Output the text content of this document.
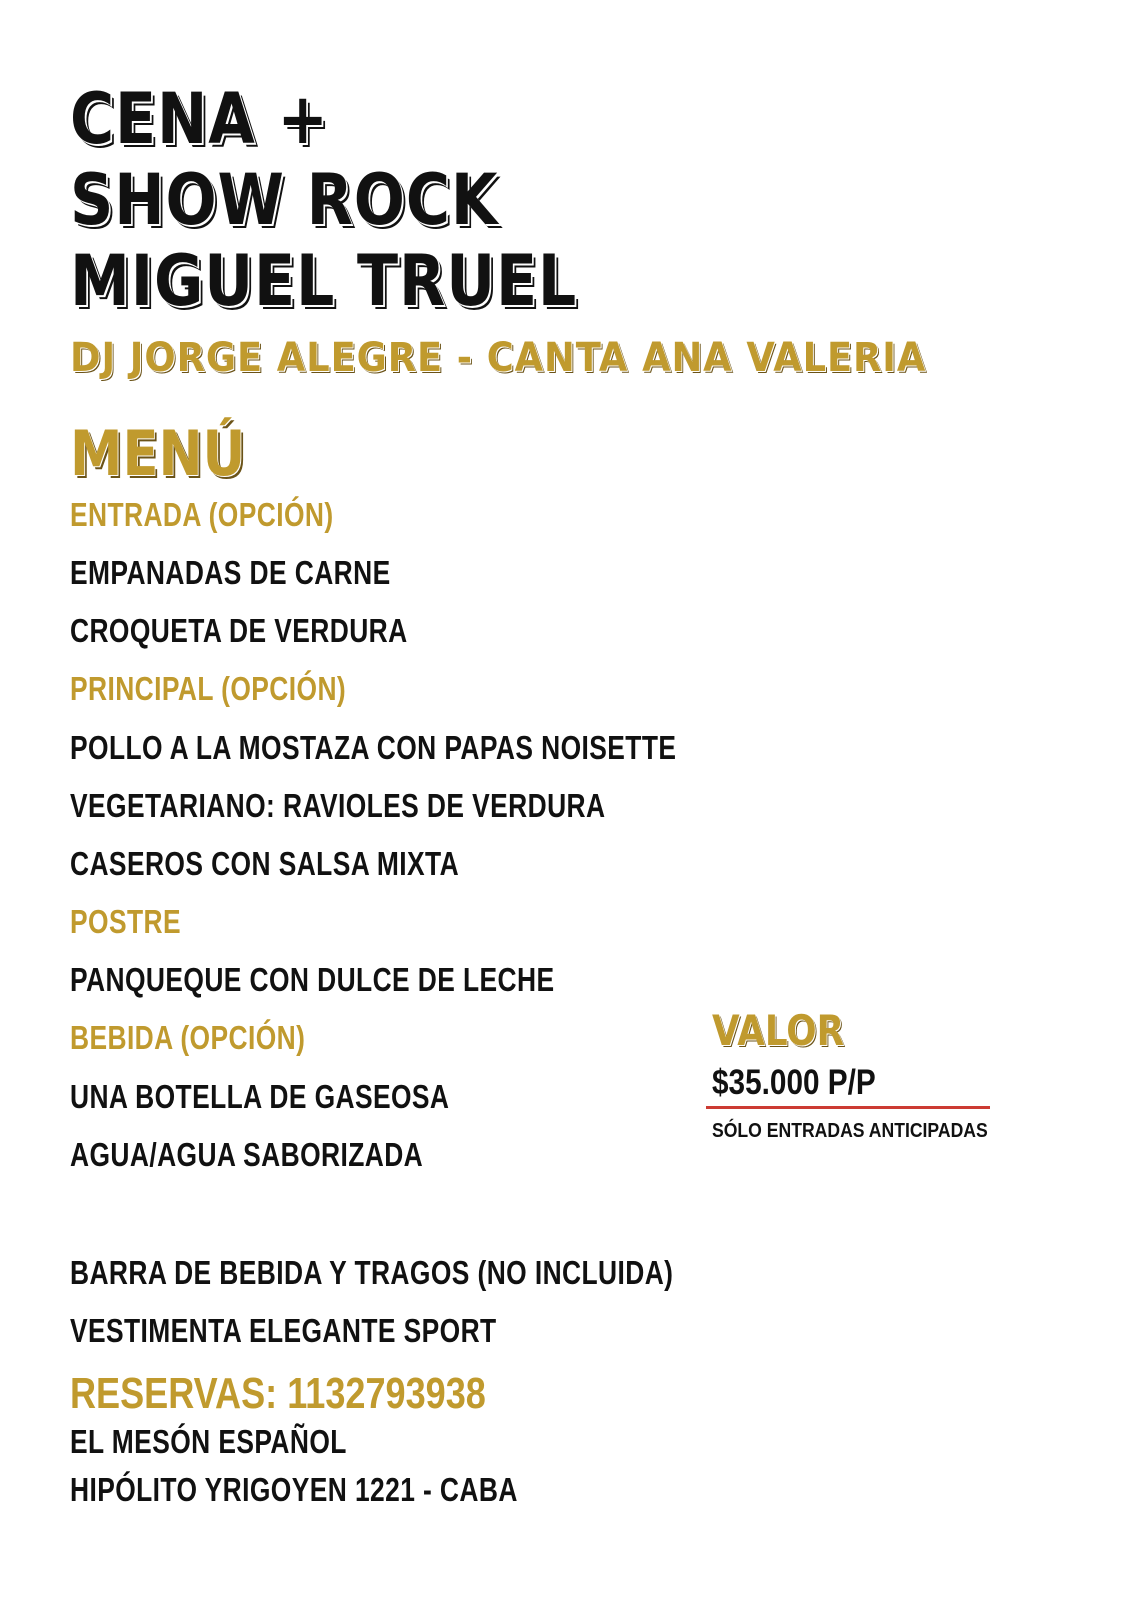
CENA +
SHOW ROCK
MIGUEL TRUEL
DJ JORGE ALEGRE - CANTA ANA VALERIA
MENÚ
ENTRADA (OPCIÓN)
EMPANADAS DE CARNE
CROQUETA DE VERDURA
PRINCIPAL (OPCIÓN)
POLLO A LA MOSTAZA CON PAPAS NOISETTE
VEGETARIANO: RAVIOLES DE VERDURA
CASEROS CON SALSA MIXTA
POSTRE
PANQUEQUE CON DULCE DE LECHE
BEBIDA (OPCIÓN)
UNA BOTELLA DE GASEOSA
AGUA/AGUA SABORIZADA
VALOR
$35.000 P/P
SÓLO ENTRADAS ANTICIPADAS
BARRA DE BEBIDA Y TRAGOS (NO INCLUIDA)
VESTIMENTA ELEGANTE SPORT
RESERVAS: 1132793938
EL MESÓN ESPAÑOL
HIPÓLITO YRIGOYEN 1221 - CABA
